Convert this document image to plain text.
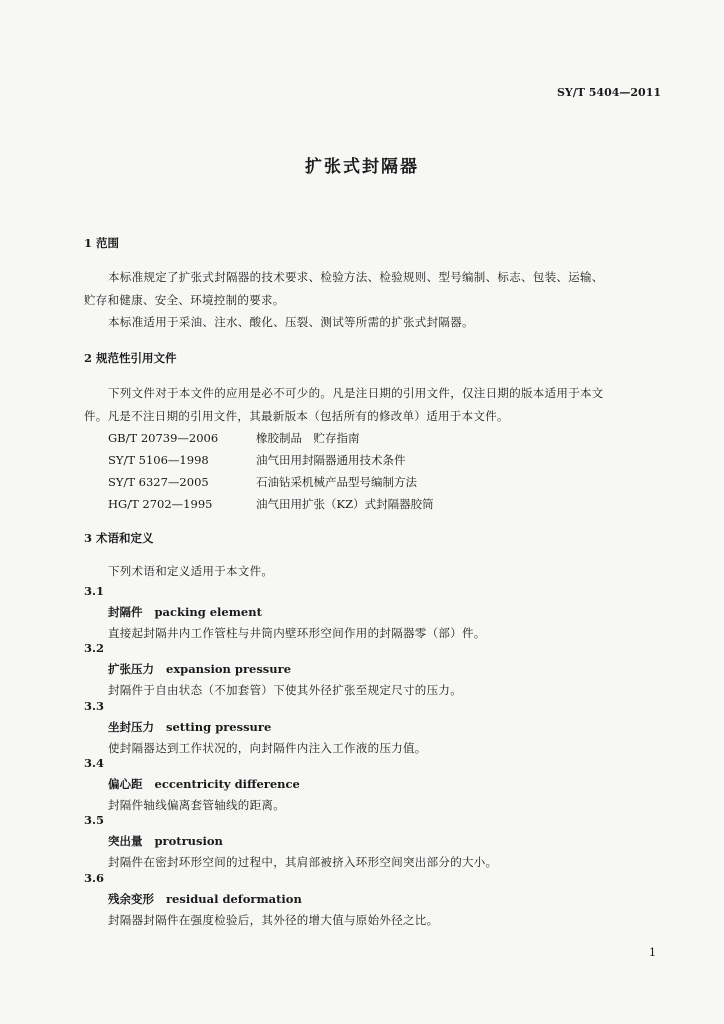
SY/T 5404—2011
扩张式封隔器
1 范围
本标准规定了扩张式封隔器的技术要求、检验方法、检验规则、型号编制、标志、包装、运输、
贮存和健康、安全、环境控制的要求。
本标准适用于采油、注水、酸化、压裂、测试等所需的扩张式封隔器。
2 规范性引用文件
下列文件对于本文件的应用是必不可少的。凡是注日期的引用文件，仅注日期的版本适用于本文
件。凡是不注日期的引用文件，其最新版本（包括所有的修改单）适用于本文件。
GB/T 20739—2006	橡胶制品　贮存指南
SY/T 5106—1998	油气田用封隔器通用技术条件
SY/T 6327—2005	石油钻采机械产品型号编制方法
HG/T 2702—1995	油气田用扩张（KZ）式封隔器胶筒
3 术语和定义
下列术语和定义适用于本文件。
3.1
封隔件 packing element
直接起封隔井内工作管柱与井筒内壁环形空间作用的封隔器零（部）件。
3.2
扩张压力 expansion pressure
封隔件于自由状态（不加套管）下使其外径扩张至规定尺寸的压力。
3.3
坐封压力 setting pressure
使封隔器达到工作状况的，向封隔件内注入工作液的压力值。
3.4
偏心距 eccentricity difference
封隔件轴线偏离套管轴线的距离。
3.5
突出量 protrusion
封隔件在密封环形空间的过程中，其肩部被挤入环形空间突出部分的大小。
3.6
残余变形 residual deformation
封隔器封隔件在强度检验后，其外径的增大值与原始外径之比。
1
